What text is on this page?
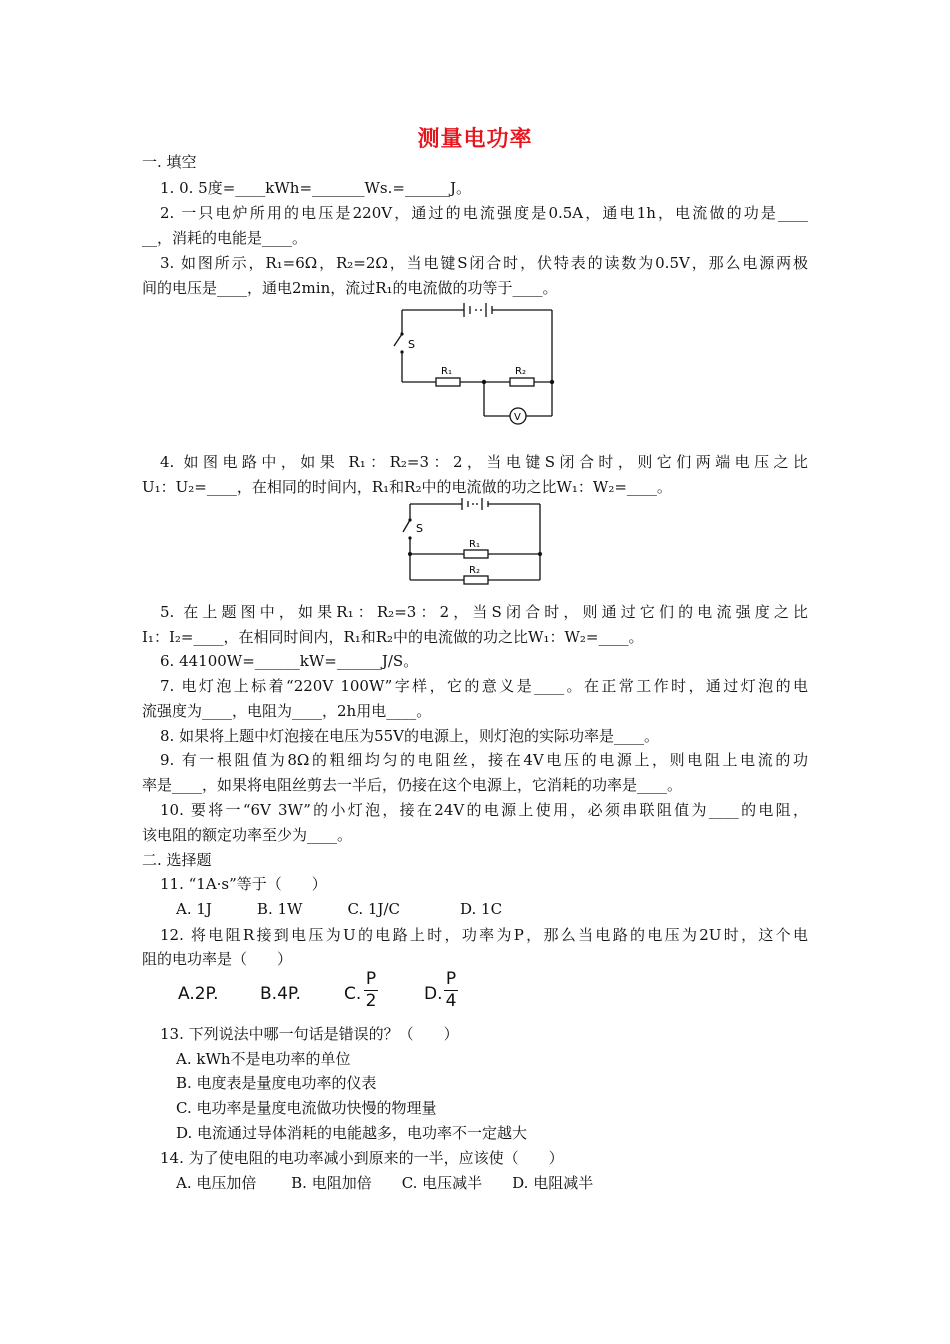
测量电功率
一. 填空
1. 0. 5度=____kWh=_______Ws.=______J。
2. 一只电炉所用的电压是220V，通过的电流强度是0.5A，通电1h，电流做的功是____
__，消耗的电能是____。
3. 如图所示，R₁=6Ω，R₂=2Ω，当电键S闭合时，伏特表的读数为0.5V，那么电源两极
间的电压是____，通电2min，流过R₁的电流做的功等于____。
S
R₁	R₂
V
4. 如图电路中，如果 R₁：R₂=3：2，当电键S闭合时，则它们两端电压之比
U₁：U₂=____，在相同的时间内，R₁和R₂中的电流做的功之比W₁：W₂=____。
S
R₁
R₂
5. 在上题图中，如果R₁：R₂=3：2，当S闭合时，则通过它们的电流强度之比
I₁：I₂=____，在相同时间内，R₁和R₂中的电流做的功之比W₁：W₂=____。
6. 44100W=______kW=______J/S。
7. 电灯泡上标着“220V 100W”字样，它的意义是____。在正常工作时，通过灯泡的电
流强度为____，电阻为____，2h用电____。
8. 如果将上题中灯泡接在电压为55V的电源上，则灯泡的实际功率是____。
9. 有一根阻值为8Ω的粗细均匀的电阻丝，接在4V电压的电源上，则电阻上电流的功
率是____，如果将电阻丝剪去一半后，仍接在这个电源上，它消耗的功率是____。
10. 要将一“6V 3W”的小灯泡，接在24V的电源上使用，必须串联阻值为____的电阻，
该电阻的额定功率至少为____。
二. 选择题
11. “1A·s”等于（　　）
A. 1J　　　B. 1W　　　C. 1J/C　　　　D. 1C
12. 将电阻R接到电压为U的电路上时，功率为P，那么当电路的电压为2U时，这个电
阻的电功率是（　　）
A.2P. B.4P.	C.
P
2	D.
P
4
13. 下列说法中哪一句话是错误的？（　　）
A. kWh不是电功率的单位
B. 电度表是量度电功率的仪表
C. 电功率是量度电流做功快慢的物理量
D. 电流通过导体消耗的电能越多，电功率不一定越大
14. 为了使电阻的电功率减小到原来的一半，应该使（　　）
A. 电压加倍　　 B. 电阻加倍　　C. 电压减半　　D. 电阻减半
